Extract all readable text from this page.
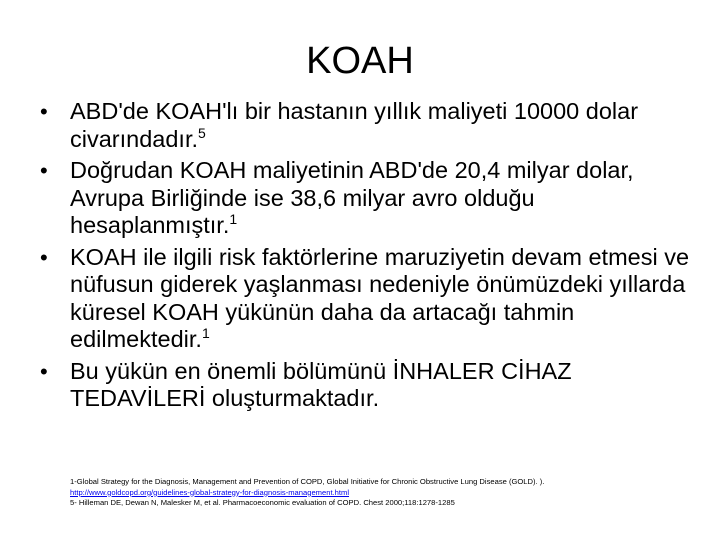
KOAH
• ABD'de KOAH'lı bir hastanın yıllık maliyeti 10000 dolar civarındadır.$^5$
• Doğrudan KOAH maliyetinin ABD'de 20,4 milyar dolar, Avrupa Birliğinde ise 38,6 milyar avro olduğu hesaplanmıştır.$^1$
• KOAH ile ilgili risk faktörlerine maruziyetin devam etmesi ve nüfusun giderek yaşlanması nedeniyle önümüzdeki yıllarda küresel KOAH yükünün daha da artacağı tahmin edilmektedir.$^1$
• Bu yükün en önemli bölümünü İNHALER CİHAZ TEDAVİLERİ oluşturmaktadır.
1-Global Strategy for the Diagnosis, Management and Prevention of COPD, Global Initiative for Chronic Obstructive Lung Disease (GOLD). ).
http://www.goldcopd.org/guidelines-global-strategy-for-diagnosis-management.html
5- Hilleman DE, Dewan N, Malesker M, et al. Pharmacoeconomic evaluation of COPD. Chest 2000;118:1278-1285
